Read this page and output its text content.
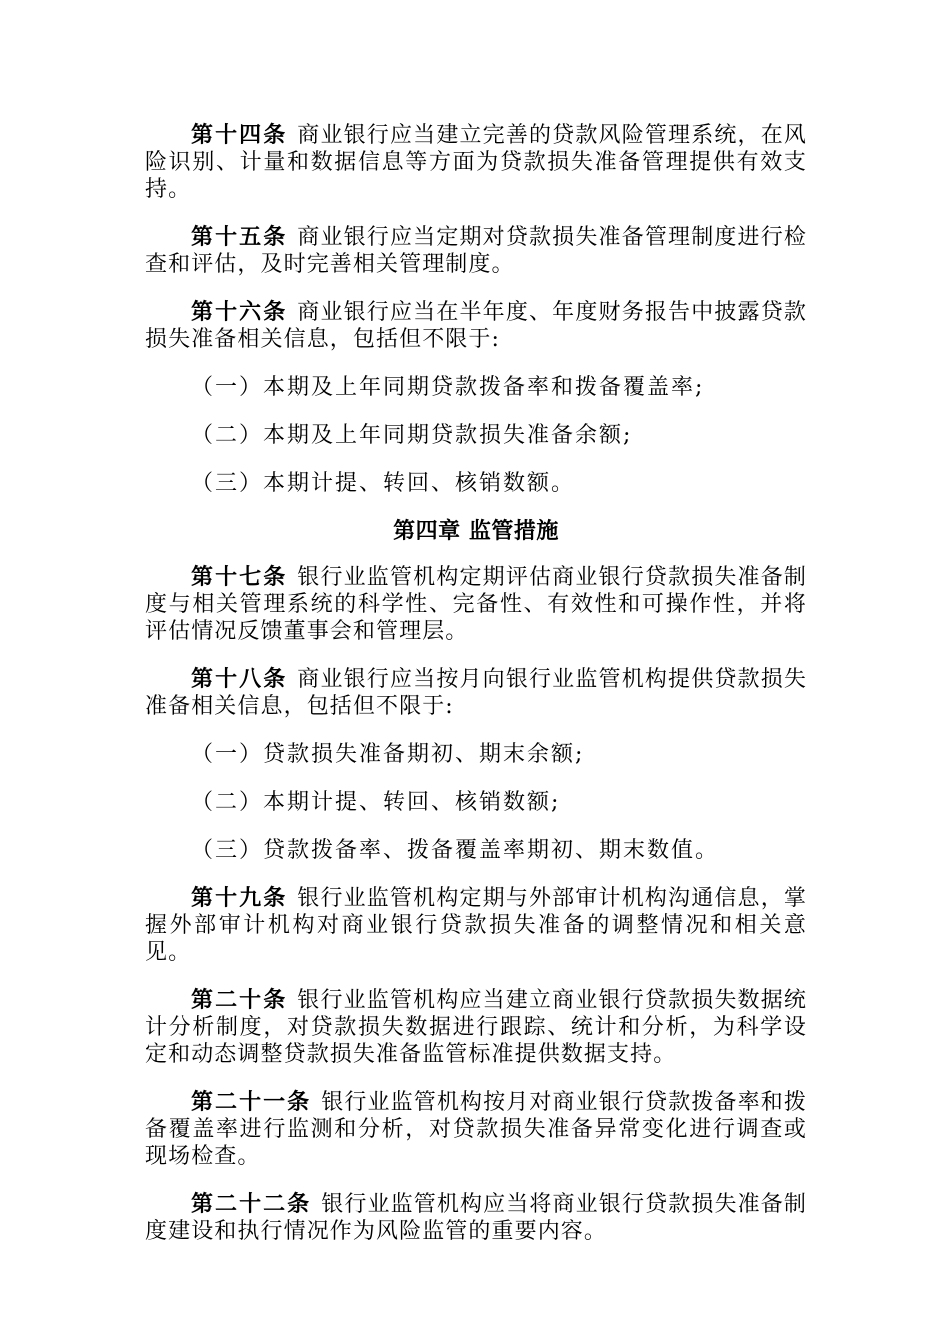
第十四条 商业银行应当建立完善的贷款风险管理系统，在风险识别、计量和数据信息等方面为贷款损失准备管理提供有效支持。

第十五条 商业银行应当定期对贷款损失准备管理制度进行检查和评估，及时完善相关管理制度。

第十六条 商业银行应当在半年度、年度财务报告中披露贷款损失准备相关信息，包括但不限于:

（一）本期及上年同期贷款拨备率和拨备覆盖率;

（二）本期及上年同期贷款损失准备余额;

（三）本期计提、转回、核销数额。

第四章 监管措施

第十七条 银行业监管机构定期评估商业银行贷款损失准备制度与相关管理系统的科学性、完备性、有效性和可操作性，并将评估情况反馈董事会和管理层。

第十八条 商业银行应当按月向银行业监管机构提供贷款损失准备相关信息，包括但不限于:

（一）贷款损失准备期初、期末余额;

（二）本期计提、转回、核销数额;

（三）贷款拨备率、拨备覆盖率期初、期末数值。

第十九条 银行业监管机构定期与外部审计机构沟通信息，掌握外部审计机构对商业银行贷款损失准备的调整情况和相关意见。

第二十条 银行业监管机构应当建立商业银行贷款损失数据统计分析制度，对贷款损失数据进行跟踪、统计和分析，为科学设定和动态调整贷款损失准备监管标准提供数据支持。

第二十一条 银行业监管机构按月对商业银行贷款拨备率和拨备覆盖率进行监测和分析，对贷款损失准备异常变化进行调查或现场检查。

第二十二条 银行业监管机构应当将商业银行贷款损失准备制度建设和执行情况作为风险监管的重要内容。
